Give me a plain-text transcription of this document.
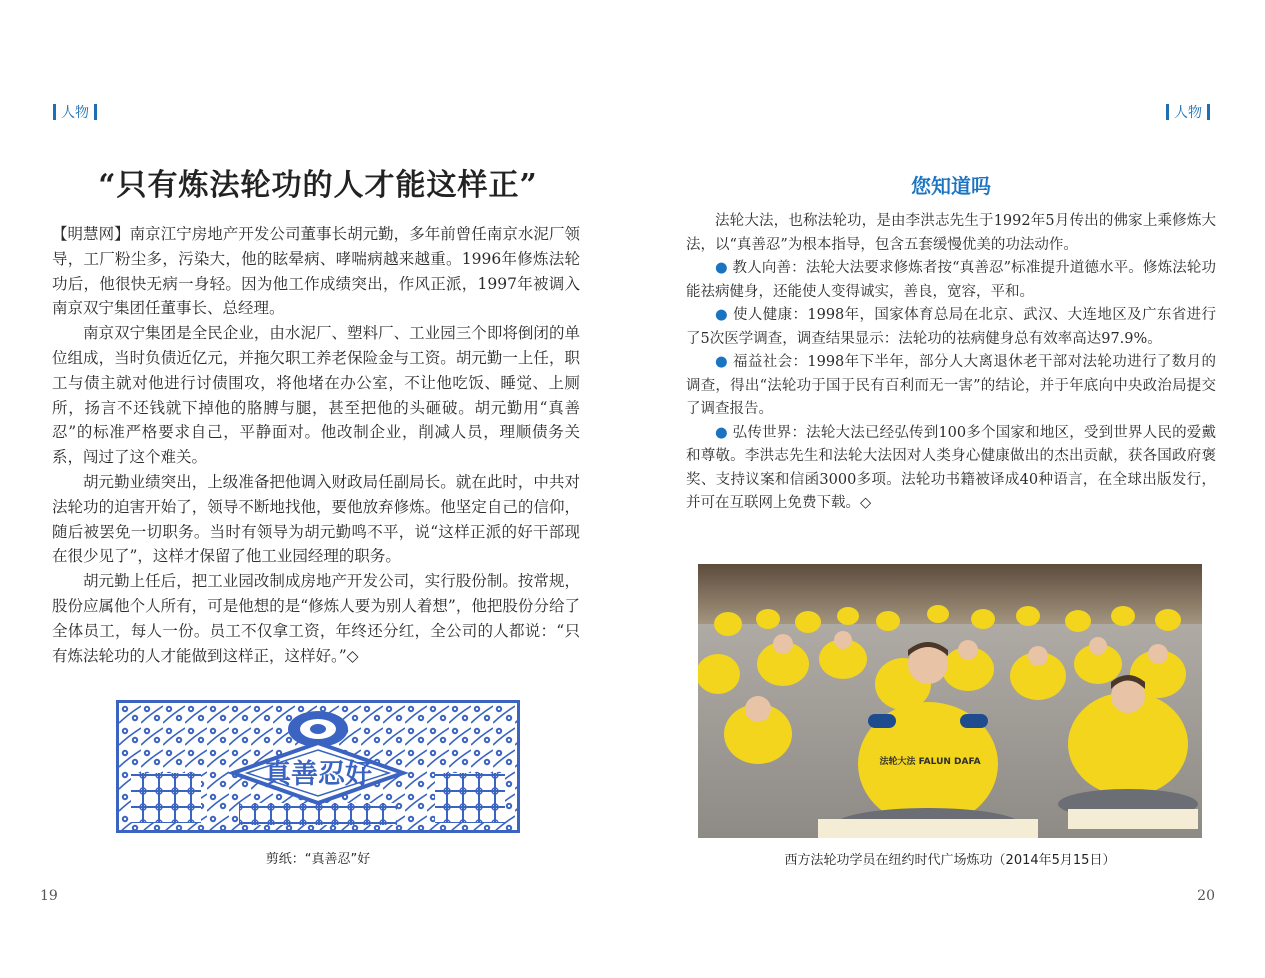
人物	人物
“只有炼法轮功的人才能这样正”

【明慧网】南京江宁房地产开发公司董事长胡元勤，多年前曾任南京水泥厂领导，工厂粉尘多，污染大，他的眩晕病、哮喘病越来越重。1996年修炼法轮功后，他很快无病一身轻。因为他工作成绩突出，作风正派，1997年被调入南京双宁集团任董事长、总经理。

南京双宁集团是全民企业，由水泥厂、塑料厂、工业园三个即将倒闭的单位组成，当时负债近亿元，并拖欠职工养老保险金与工资。胡元勤一上任，职工与债主就对他进行讨债围攻，将他堵在办公室，不让他吃饭、睡觉、上厕所，扬言不还钱就下掉他的胳膊与腿，甚至把他的头砸破。胡元勤用“真善忍”的标准严格要求自己，平静面对。他改制企业，削减人员，理顺债务关系，闯过了这个难关。

胡元勤业绩突出，上级准备把他调入财政局任副局长。就在此时，中共对法轮功的迫害开始了，领导不断地找他，要他放弃修炼。他坚定自己的信仰，随后被罢免一切职务。当时有领导为胡元勤鸣不平，说“这样正派的好干部现在很少见了”，这样才保留了他工业园经理的职务。

胡元勤上任后，把工业园改制成房地产开发公司，实行股份制。按常规，股份应属他个人所有，可是他想的是“修炼人要为别人着想”，他把股份分给了全体员工，每人一份。员工不仅拿工资，年终还分红，全公司的人都说：“只有炼法轮功的人才能做到这样正，这样好。”◇

真善忍好
剪纸：“真善忍”好
19
您知道吗

法轮大法，也称法轮功，是由李洪志先生于1992年5月传出的佛家上乘修炼大法，以“真善忍”为根本指导，包含五套缓慢优美的功法动作。

● 教人向善：法轮大法要求修炼者按“真善忍”标准提升道德水平。修炼法轮功能祛病健身，还能使人变得诚实，善良，宽容，平和。

● 使人健康：1998年，国家体育总局在北京、武汉、大连地区及广东省进行了5次医学调查，调查结果显示：法轮功的祛病健身总有效率高达97.9%。

● 福益社会：1998年下半年，部分人大离退休老干部对法轮功进行了数月的调查，得出“法轮功于国于民有百利而无一害”的结论，并于年底向中央政治局提交了调查报告。

● 弘传世界：法轮大法已经弘传到100多个国家和地区，受到世界人民的爱戴和尊敬。李洪志先生和法轮大法因对人类身心健康做出的杰出贡献，获各国政府褒奖、支持议案和信函3000多项。法轮功书籍被译成40种语言，在全球出版发行，并可在互联网上免费下载。◇

法轮大法 FALUN DAFA
西方法轮功学员在纽约时代广场炼功（2014年5月15日）
20
